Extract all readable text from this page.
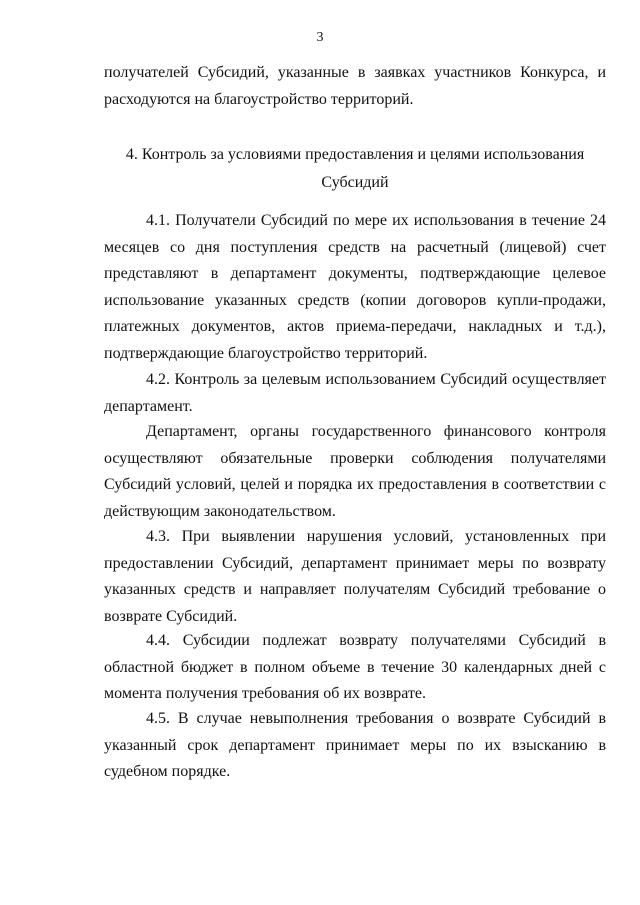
3

получателей Субсидий, указанные в заявках участников Конкурса, и расходуются на благоустройство территорий.

4. Контроль за условиями предоставления и целями использования
Субсидий

4.1. Получатели Субсидий по мере их использования в течение 24 месяцев со дня поступления средств на расчетный (лицевой) счет представляют в департамент документы, подтверждающие целевое использование указанных средств (копии договоров купли-продажи, платежных документов, актов приема-передачи, накладных и т.д.), подтверждающие благоустройство территорий.

4.2. Контроль за целевым использованием Субсидий осуществляет департамент.

Департамент, органы государственного финансового контроля осуществляют обязательные проверки соблюдения получателями Субсидий условий, целей и порядка их предоставления в соответствии с действующим законодательством.

4.3. При выявлении нарушения условий, установленных при предоставлении Субсидий, департамент принимает меры по возврату указанных средств и направляет получателям Субсидий требование о возврате Субсидий.

4.4. Субсидии подлежат возврату получателями Субсидий в областной бюджет в полном объеме в течение 30 календарных дней с момента получения требования об их возврате.

4.5. В случае невыполнения требования о возврате Субсидий в указанный срок департамент принимает меры по их взысканию в судебном порядке.
